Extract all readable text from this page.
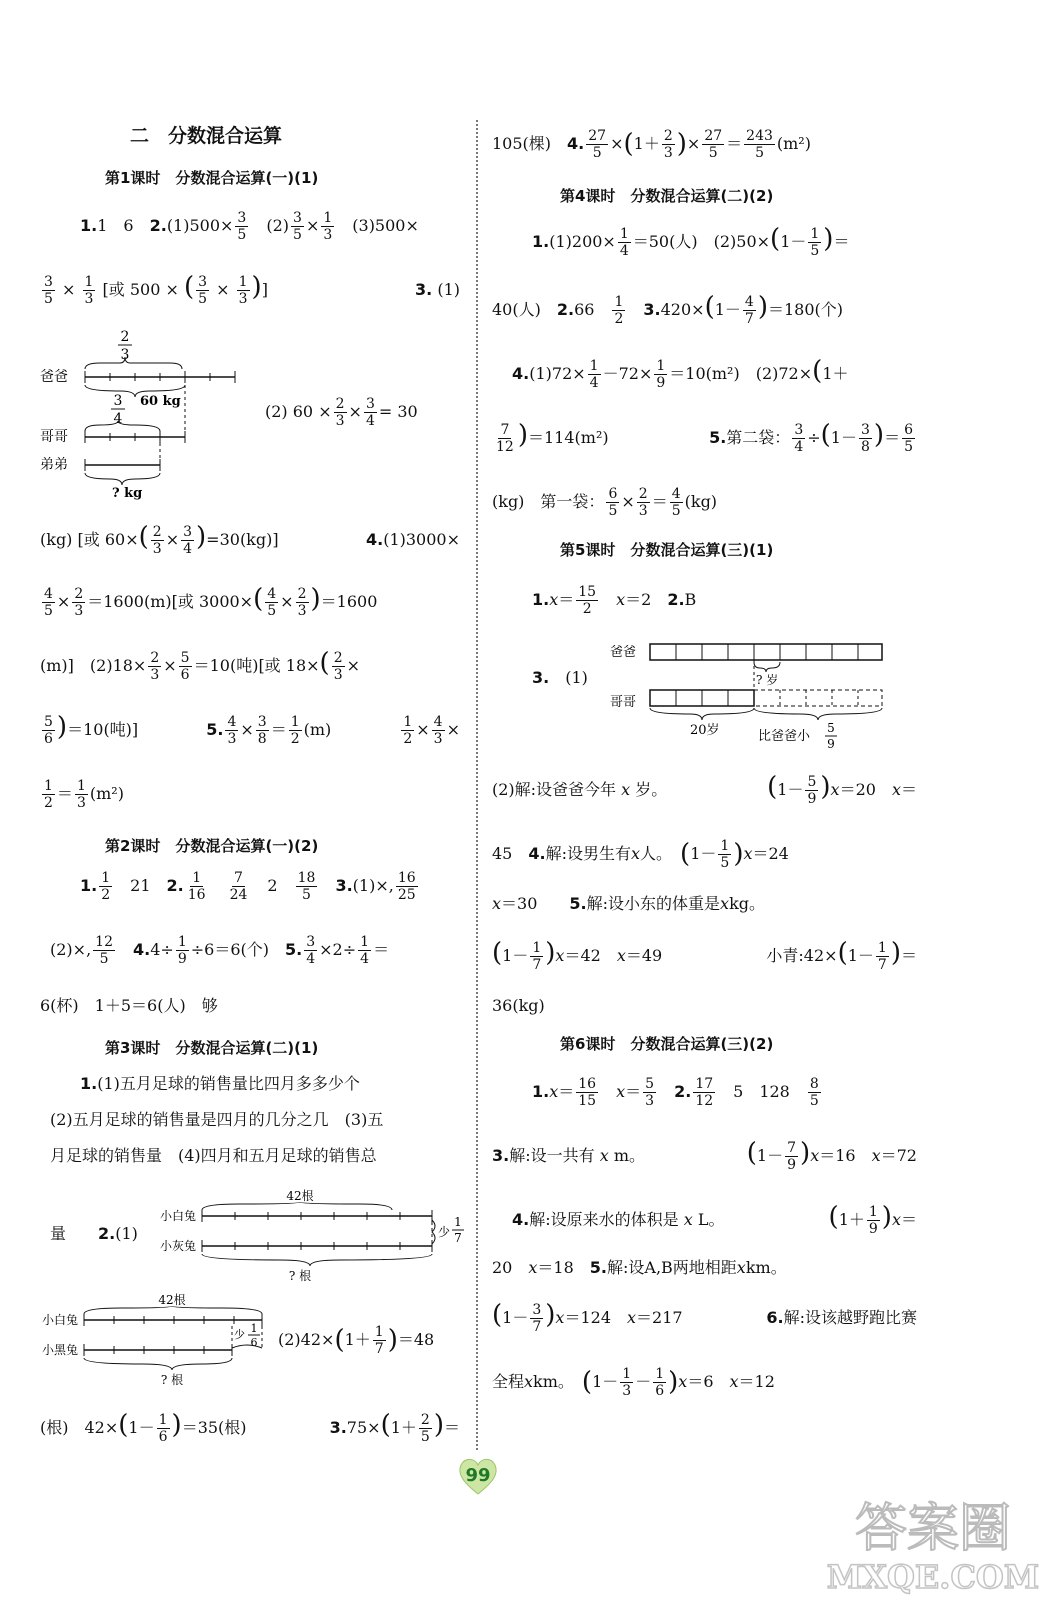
二　分数混合运算
第1课时　分数混合运算(一)(1)
1. 1　6　 2. $(1)500\times \frac{3}{5}$ 　$(2) \frac{3}{5} \times \frac{1}{3}$ 　(3)500×
$\frac{3}{5} \times \frac{1}{3}$ [或 500 × ( $\frac{3}{5} \times \frac{1}{3}$ )]	3. (1)
2
3
爸爸
60 kg
3
4
哥哥
弟弟
? kg
(2) $60 \times \frac{2}{3} \times \frac{3}{4} = 30$
(kg) [或 $60\times( \frac{2}{3} \times \frac{3}{4} )=30(kg)$]	4.(1)3000×
$\frac{4}{5} \times \frac{2}{3} =1600(m)$[或 $3000\times( \frac{4}{5} \times \frac{2}{3} )=1600$
(m)]　$(2)18\times \frac{2}{3} \times \frac{5}{6} =10$(吨)[或 $18\times( \frac{2}{3}$ ×
$\frac{5}{6} )=10$(吨)]	5. $\frac{4}{3} \times \frac{3}{8} = \frac{1}{2} (m)$	$\frac{1}{2} \times \frac{4}{3}$ ×
$\frac{1}{2} = \frac{1}{3} (m^2)$
第2课时　分数混合运算(一)(2)
1. $\frac{1}{2}$ 　21　 2. $\frac{1}{16}$
　 $\frac{7}{24}$ 　2　 $\frac{18}{5}$
　 3. (1)×, $\frac{16}{25}$
(2)×, $\frac{12}{5}$
　 4. $4\div \frac{1}{9} \div 6=6$(个)　 5. $\frac{3}{4} \times 2\div \frac{1}{4}$ ＝
6(杯)　1＋5＝6(人)　够
第3课时　分数混合运算(二)(1)
1. (1)五月足球的销售量比四月多多少个
(2)五月足球的销售量是四月的几分之几　(3)五
月足球的销售量　(4)四月和五月足球的销售总
量　　 2. (1)
42根
小白兔
小灰兔
少
1
7
? 根
42根
小白兔
小黑兔
少 1
6
? 根
(2)42× ( $1+ \frac{1}{7}$ ) ＝48
(根)　$42\times(1- \frac{1}{6} )=35$(根)	$3.75\times(1+ \frac{2}{5}$ )＝
105(棵)　 4. $\frac{27}{5}$ × ( $1+ \frac{2}{3}$ ) × $\frac{27}{5} = \frac{243}{5} (m^2)$
第4课时　分数混合运算(二)(2)
$1.(1)200\times \frac{1}{4} =50$(人)　$(2)50\times(1- \frac{1}{5}$ )＝
40(人)　2.66　 $\frac{1}{2}$
　 $3.420\times(1- \frac{4}{7} )=180$(个)
$4.(1)72\times \frac{1}{4} -72\times \frac{1}{9} =10(m^2)$　(2)72×(1＋
$\frac{7}{12} )=114(m^2)$	5.第二袋： $\frac{3}{4} \div(1- \frac{3}{8}$ )＝ $\frac{6}{5}$
(kg)　第一袋： $\frac{6}{5} \times \frac{2}{3} = \frac{4}{5} (kg)$
第5课时　分数混合运算(三)(1)
1. $x = \frac{15}{2}$
　 x ＝2　 2. B
3. 　(1)
爸爸
? 岁
哥哥
20岁	比爸爸小
5
9
(2)解:设爸爸今年 x 岁。	$(1- \frac{5}{9} )x=20$　x＝
45　 4. 解:设男生有 x 人。　 ( $1- \frac{1}{5}$ ) x ＝24
x ＝30　　 5. 解:设小东的体重是 x kg。
$(1- \frac{1}{7} )x=42$　x＝49	小青:42×(1－ $\frac{1}{7}$ )＝
36(kg)
第6课时　分数混合运算(三)(2)
1. $x = \frac{16}{15}$
　 $x = \frac{5}{3}$
　 2. $\frac{17}{12}$ 　5　128　 $\frac{8}{5}$
3.解:设一共有 x m。	$(1- \frac{7}{9} )x=16$　x＝72
4.解:设原来水的体积是 x L。	$(1+ \frac{1}{9} )x=$
20　 x ＝18　 5. 解:设A,B两地相距 x km。
$(1- \frac{3}{7} )x=124$　x＝217	6.解:设该越野跑比赛
全程 x km。　 ( $1- \frac{1}{3} - \frac{1}{6}$ ) x ＝6　 x ＝12
99
答案圈
MXQE.COM
